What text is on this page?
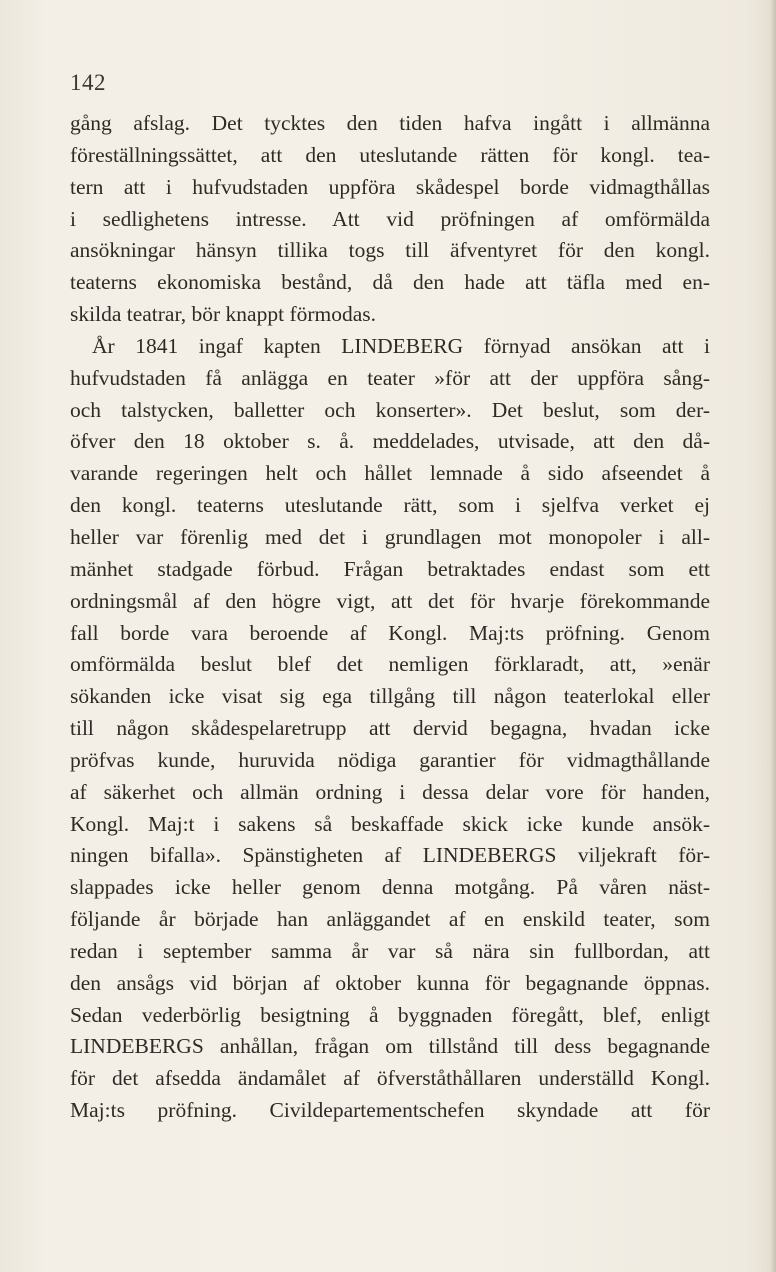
142
gång afslag. Det tycktes den tiden hafva ingått i allmänna
föreställningssättet, att den uteslutande rätten för kongl. tea-
tern att i hufvudstaden uppföra skådespel borde vidmagthållas
i sedlighetens intresse. Att vid pröfningen af omförmälda
ansökningar hänsyn tillika togs till äfventyret för den kongl.
teaterns ekonomiska bestånd, då den hade att täfla med en-
skilda teatrar, bör knappt förmodas.
År 1841 ingaf kapten LINDEBERG förnyad ansökan att i
hufvudstaden få anlägga en teater »för att der uppföra sång-
och talstycken, balletter och konserter». Det beslut, som der-
öfver den 18 oktober s. å. meddelades, utvisade, att den då-
varande regeringen helt och hållet lemnade å sido afseendet å
den kongl. teaterns uteslutande rätt, som i sjelfva verket ej
heller var förenlig med det i grundlagen mot monopoler i all-
mänhet stadgade förbud. Frågan betraktades endast som ett
ordningsmål af den högre vigt, att det för hvarje förekommande
fall borde vara beroende af Kongl. Maj:ts pröfning. Genom
omförmälda beslut blef det nemligen förklaradt, att, »enär
sökanden icke visat sig ega tillgång till någon teaterlokal eller
till någon skådespelaretrupp att dervid begagna, hvadan icke
pröfvas kunde, huruvida nödiga garantier för vidmagthållande
af säkerhet och allmän ordning i dessa delar vore för handen,
Kongl. Maj:t i sakens så beskaffade skick icke kunde ansök-
ningen bifalla». Spänstigheten af LINDEBERGS viljekraft för-
slappades icke heller genom denna motgång. På våren näst-
följande år började han anläggandet af en enskild teater, som
redan i september samma år var så nära sin fullbordan, att
den ansågs vid början af oktober kunna för begagnande öppnas.
Sedan vederbörlig besigtning å byggnaden föregått, blef, enligt
LINDEBERGS anhållan, frågan om tillstånd till dess begagnande
för det afsedda ändamålet af öfverståthållaren underställd Kongl.
Maj:ts pröfning. Civildepartementschefen skyndade att för
